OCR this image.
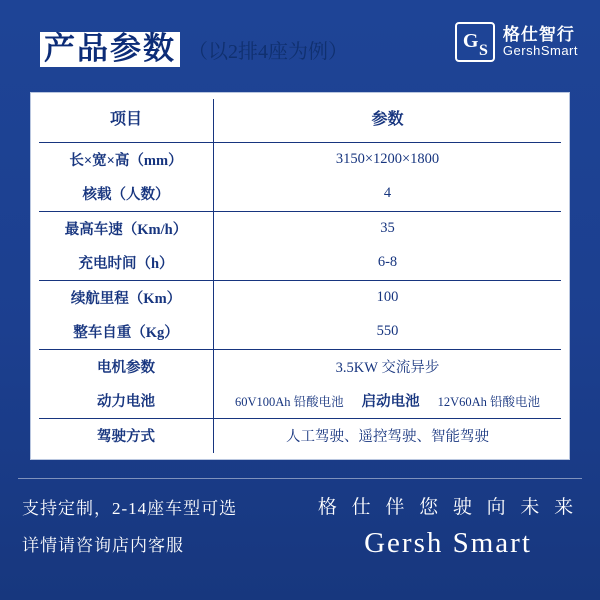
产品参数 （以2排4座为例）	G S
格仕智行
GershSmart
项目	参数
长×宽×高（mm）	3150×1200×1800
核载（人数）	4
最高车速（Km/h）	35
充电时间（h）	6-8
续航里程（Km）	100
整车自重（Kg）	550
电机参数	3.5KW 交流异步
动力电池	60V100Ah 铅酸电池 启动电池 12V60Ah 铅酸电池

驾驶方式	人工驾驶、遥控驾驶、智能驾驶
支持定制，2-14座车型可选
详情请咨询店内客服
格 仕 伴 您 驶 向 未 来
Gersh Smart
